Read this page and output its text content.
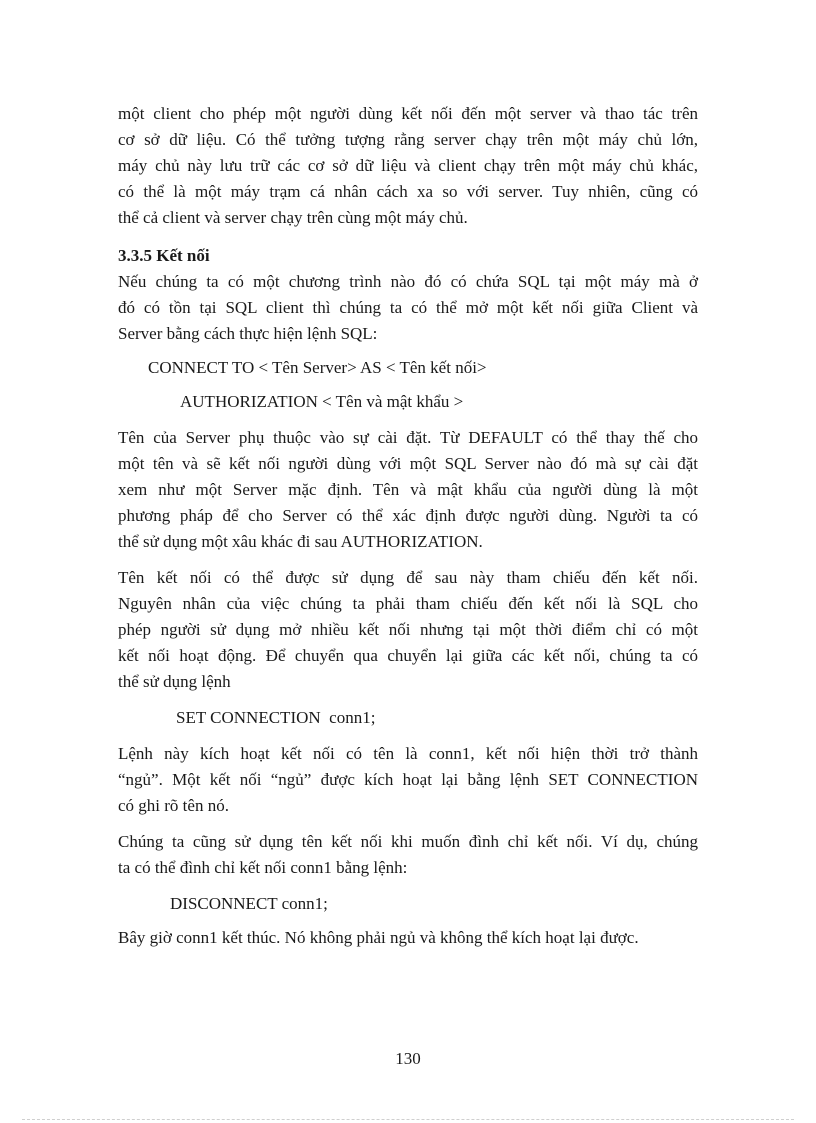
một client cho phép một người dùng kết nối đến một server và thao tác trên
cơ sở dữ liệu. Có thể tưởng tượng rằng server chạy trên một máy chủ lớn,
máy chủ này lưu trữ các cơ sở dữ liệu và client chạy trên một máy chủ khác,
có thể là một máy trạm cá nhân cách xa so với server. Tuy nhiên, cũng có
thể cả client và server chạy trên cùng một máy chủ.
3.3.5 Kết nối
Nếu chúng ta có một chương trình nào đó có chứa SQL tại một máy mà ở
đó có tồn tại SQL client thì chúng ta có thể mở một kết nối giữa Client và
Server bằng cách thực hiện lệnh SQL:
CONNECT TO < Tên Server> AS < Tên kết nối>
AUTHORIZATION < Tên và mật khẩu >
Tên của Server phụ thuộc vào sự cài đặt. Từ DEFAULT có thể thay thế cho
một tên và sẽ kết nối người dùng với một SQL Server nào đó mà sự cài đặt
xem như một Server mặc định. Tên và mật khẩu của người dùng là một
phương pháp để cho Server có thể xác định được người dùng. Người ta có
thể sử dụng một xâu khác đi sau AUTHORIZATION.
Tên kết nối có thể được sử dụng để sau này tham chiếu đến kết nối.
Nguyên nhân của việc chúng ta phải tham chiếu đến kết nối là SQL cho
phép người sử dụng mở nhiều kết nối nhưng tại một thời điểm chỉ có một
kết nối hoạt động. Để chuyển qua chuyển lại giữa các kết nối, chúng ta có
thể sử dụng lệnh
SET CONNECTION  conn1;
Lệnh này kích hoạt kết nối có tên là conn1, kết nối hiện thời trở thành
“ngủ”. Một kết nối “ngủ” được kích hoạt lại bằng lệnh SET CONNECTION
có ghi rõ tên nó.
Chúng ta cũng sử dụng tên kết nối khi muốn đình chỉ kết nối. Ví dụ, chúng
ta có thể đình chỉ kết nối conn1 bằng lệnh:
DISCONNECT conn1;
Bây giờ conn1 kết thúc. Nó không phải ngủ và không thể kích hoạt lại được.
130
